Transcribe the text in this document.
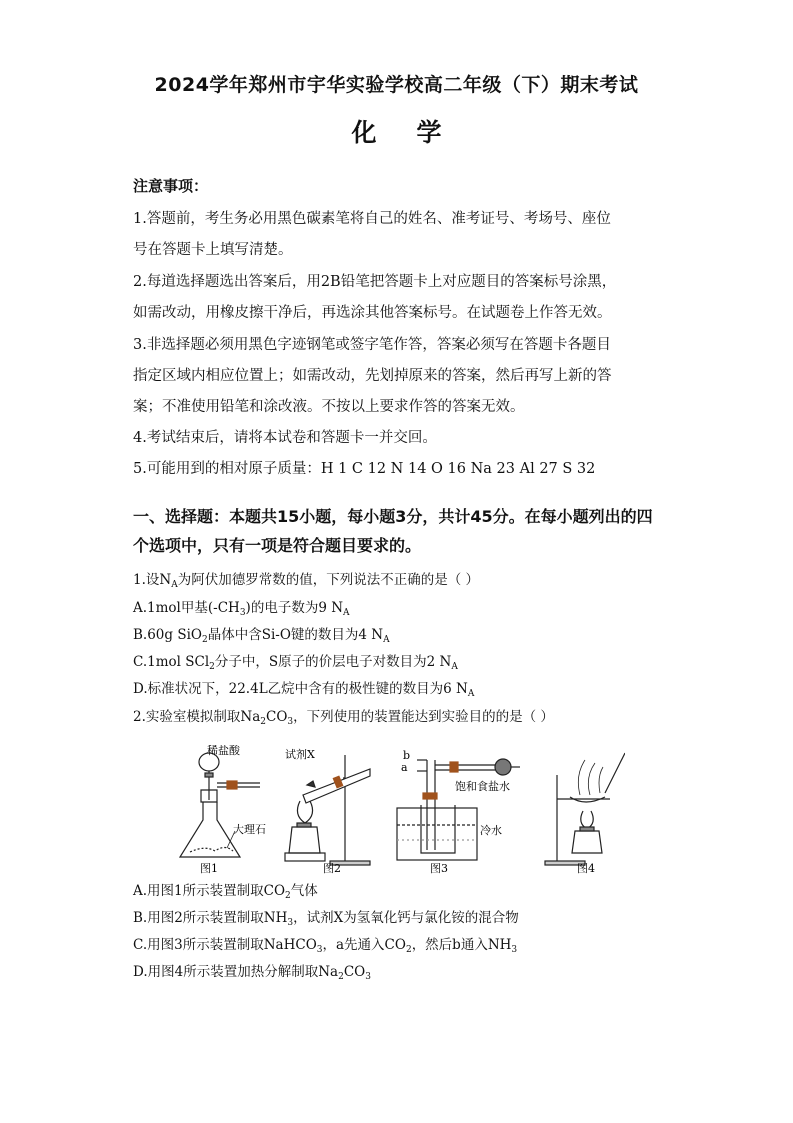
2024学年郑州市宇华实验学校高二年级（下）期末考试
化 学
注意事项：
1.答题前，考生务必用黑色碳素笔将自己的姓名、准考证号、考场号、座位
号在答题卡上填写清楚。
2.每道选择题选出答案后，用2B铅笔把答题卡上对应题目的答案标号涂黑，
如需改动，用橡皮擦干净后，再选涂其他答案标号。在试题卷上作答无效。
3.非选择题必须用黑色字迹钢笔或签字笔作答，答案必须写在答题卡各题目
指定区域内相应位置上；如需改动，先划掉原来的答案，然后再写上新的答
案；不准使用铅笔和涂改液。不按以上要求作答的答案无效。
4.考试结束后，请将本试卷和答题卡一并交回。
5.可能用到的相对原子质量：H 1 C 12 N 14 O 16 Na 23 Al 27 S 32
一、选择题：本题共15小题，每小题3分，共计45分。在每小题列出的四
个选项中，只有一项是符合题目要求的。
1.设$N_A$为阿伏加德罗常数的值，下列说法不正确的是（ ）
A.1mol甲基$(-CH_3)$的电子数为9 $N_A$
B.60g SiO$_2$晶体中含Si-O键的数目为4 $N_A$
C.1mol SCl$_2$分子中，S原子的价层电子对数目为2 $N_A$
D.标准状况下，22.4L乙烷中含有的极性键的数目为6 $N_A$
2.实验室模拟制取$Na_2CO_3$，下列使用的装置能达到实验目的的是（ ）
稀盐酸
大理石
试剂X	b
a
饱和食盐水
冷水
图1	图2	图3	图4
A.用图1所示装置制取$CO_2$气体
B.用图2所示装置制取$NH_3$，试剂X为氢氧化钙与氯化铵的混合物
C.用图3所示装置制取NaHCO$_3$，a先通入$CO_2$，然后b通入$NH_3$
D.用图4所示装置加热分解制取$Na_2CO_3$
